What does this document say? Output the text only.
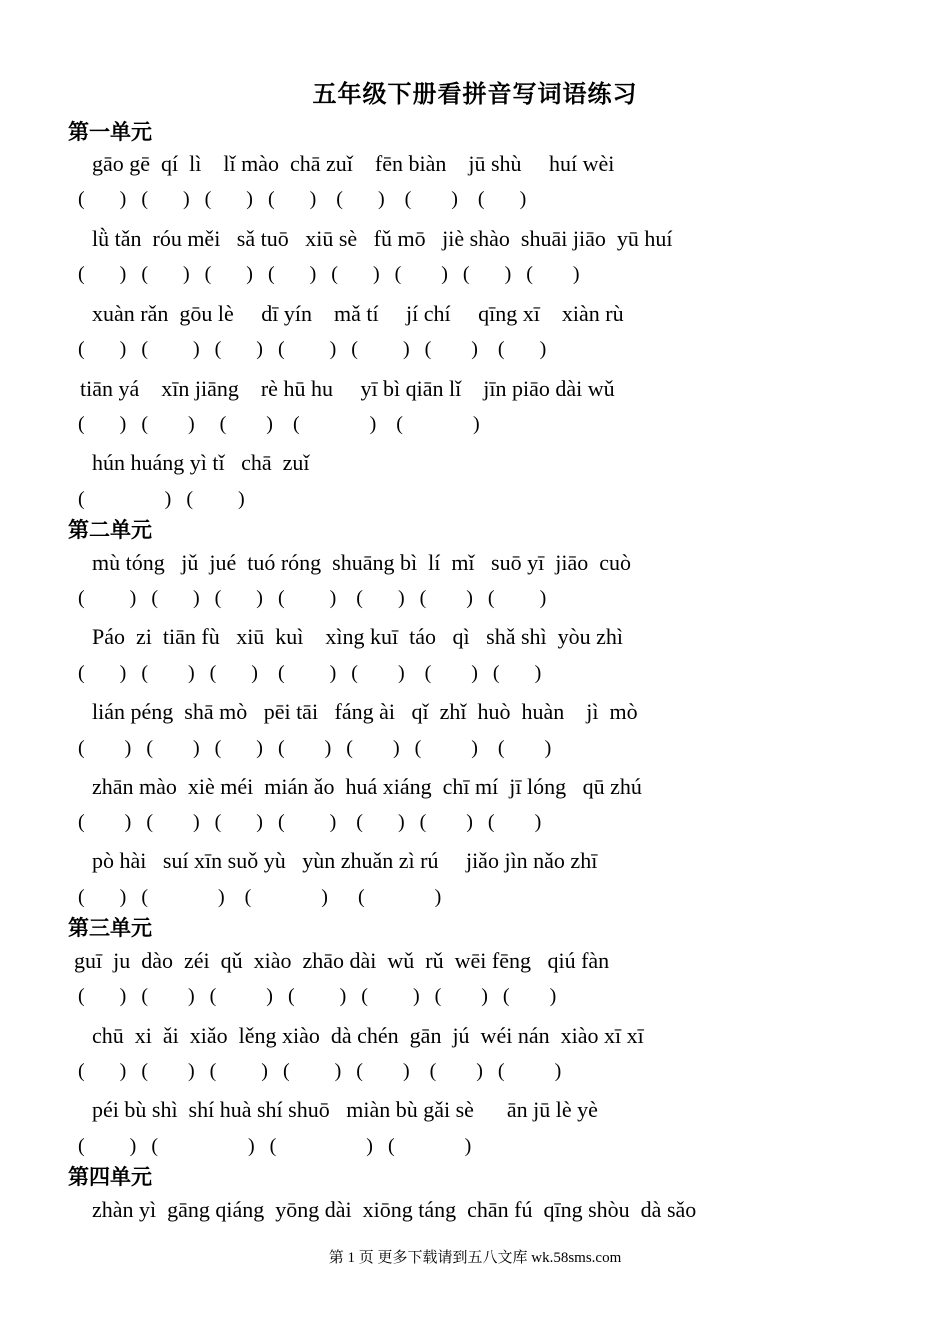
五年级下册看拼音写词语练习
第一单元
gāo gē  qí  lì    lǐ mào  chā zuǐ    fēn biàn    jū shù     huí wèi
(       )   (       )   (       )   (       )    (       )    (        )    (       )
lǜ tǎn  róu měi   sǎ tuō   xiū sè   fǔ mō   jiè shào  shuāi jiāo  yū huí
(       )   (       )   (       )   (       )   (       )   (        )   (       )   (        )
xuàn rǎn  gōu lè     dī yín    mǎ tí     jí chí     qīng xī    xiàn rù
(       )   (         )   (       )   (         )   (         )   (        )    (       )
tiān yá    xīn jiāng    rè hū hu     yī bì qiān lǐ    jīn piāo dài wǔ
(       )   (        )     (        )    (              )    (              )
hún huáng yì tǐ   chā  zuǐ
(                )   (         )
第二单元
mù tóng   jǔ  jué  tuó róng  shuāng bì  lí  mǐ   suō yī  jiāo  cuò
(         )   (       )   (       )   (         )    (       )   (        )   (         )
Páo  zi  tiān fù   xiū  kuì    xìng kuī  táo   qì   shǎ shì  yòu zhì
(       )   (        )   (       )    (         )   (        )    (        )   (       )
lián péng  shā mò   pēi tāi   fáng ài   qǐ  zhǐ  huò  huàn    jì  mò
(        )   (        )   (       )   (        )   (        )   (          )    (        )
zhān mào  xiè méi  mián ǎo  huá xiáng  chī mí  jī lóng   qū zhú
(        )   (        )   (       )   (         )    (       )   (        )   (        )
pò hài   suí xīn suǒ yù   yùn zhuǎn zì rú     jiǎo jìn nǎo zhī
(       )   (              )    (              )      (              )
第三单元
guī  ju  dào  zéi  qǔ  xiào  zhāo dài  wǔ  rǔ  wēi fēng   qiú fàn
(       )   (        )   (          )   (         )   (         )   (        )   (        )
chū  xi  ǎi  xiǎo  lěng xiào  dà chén  gān  jú  wéi nán  xiào xī xī
(       )   (        )   (         )   (         )   (        )    (        )   (          )
péi bù shì  shí huà shí shuō   miàn bù gǎi sè      ān jū lè yè
(         )   (                  )   (                  )   (              )
第四单元
zhàn yì  gāng qiáng  yōng dài  xiōng táng  chān fú  qīng shòu  dà sǎo
第 1 页 更多下载请到五八文库 wk.58sms.com
